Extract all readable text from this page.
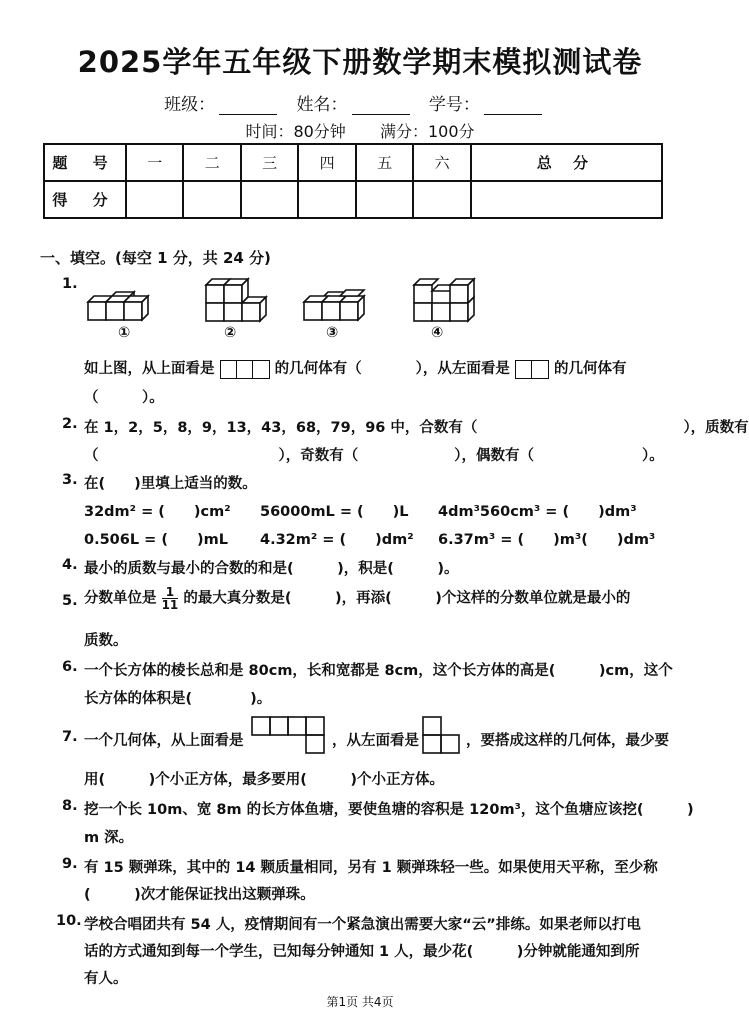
2025学年五年级下册数学期末模拟测试卷
班级：	姓名：	学号：
时间：80分钟 满分：100分
题 号	一	二	三	四	五	六	总 分
得 分							
一、填空。(每空 1 分，共 24 分)
1.
①	②	③	④
如上图，从上面看是	的几何体有（	），从左面看是	的几何体有
（　　　）。
2. 在 1，2，5，8，9，13，43，68，79，96 中，合数有（	），质数有
（	），奇数有（	），偶数有（	）。
3. 在(　　)里填上适当的数。
32dm² = (　　)cm² 56000mL = (　　)L 4dm³560cm³ = (　　)dm³
0.506L = (　　)mL 4.32m² = (　　)dm² 6.37m³ = (　　)m³(　　)dm³
4. 最小的质数与最小的合数的和是(　　　)，积是(　　　)。
5. 分数单位是 $\frac{1}{11}$ 的最大真分数是(　　　)，再添(　　　)个这样的分数单位就是最小的
质数。
6. 一个长方体的棱长总和是 80cm，长和宽都是 8cm，这个长方体的高是(　　　)cm，这个
长方体的体积是(　　　　)。
7. 一个几何体，从上面看是	，从左面看是	，要搭成这样的几何体，最少要
用(　　　)个小正方体，最多要用(　　　)个小正方体。
8. 挖一个长 10m、宽 8m 的长方体鱼塘，要使鱼塘的容积是 120m³，这个鱼塘应该挖(　　　)
m 深。
9. 有 15 颗弹珠，其中的 14 颗质量相同，另有 1 颗弹珠轻一些。如果使用天平称，至少称
(　　　)次才能保证找出这颗弹珠。
10. 学校合唱团共有 54 人，疫情期间有一个紧急演出需要大家“云”排练。如果老师以打电
话的方式通知到每一个学生，已知每分钟通知 1 人，最少花(　　　)分钟就能通知到所
有人。
第1页 共4页
